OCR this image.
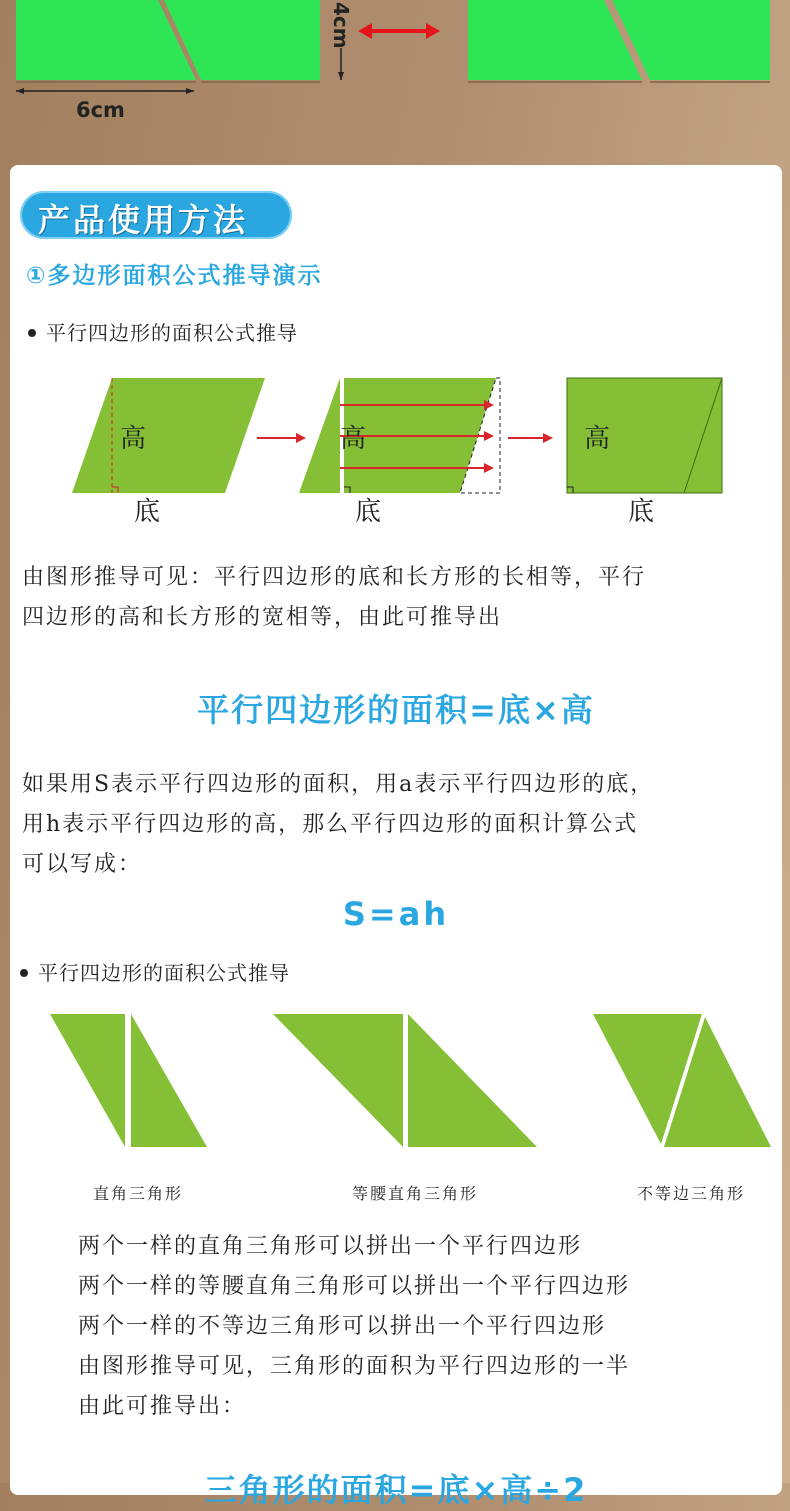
4cm
6cm
产品使用方法
①多边形面积公式推导演示
平行四边形的面积公式推导
高
底
高
底
高
底
由图形推导可见：平行四边形的底和长方形的长相等，平行
四边形的高和长方形的宽相等，由此可推导出
平行四边形的面积=底×高
如果用S表示平行四边形的面积，用a表示平行四边形的底，
用h表示平行四边形的高，那么平行四边形的面积计算公式
可以写成：
S=ah
平行四边形的面积公式推导
直角三角形	等腰直角三角形	不等边三角形
两个一样的直角三角形可以拼出一个平行四边形
两个一样的等腰直角三角形可以拼出一个平行四边形
两个一样的不等边三角形可以拼出一个平行四边形
由图形推导可见，三角形的面积为平行四边形的一半
由此可推导出：
三角形的面积=底×高÷2
